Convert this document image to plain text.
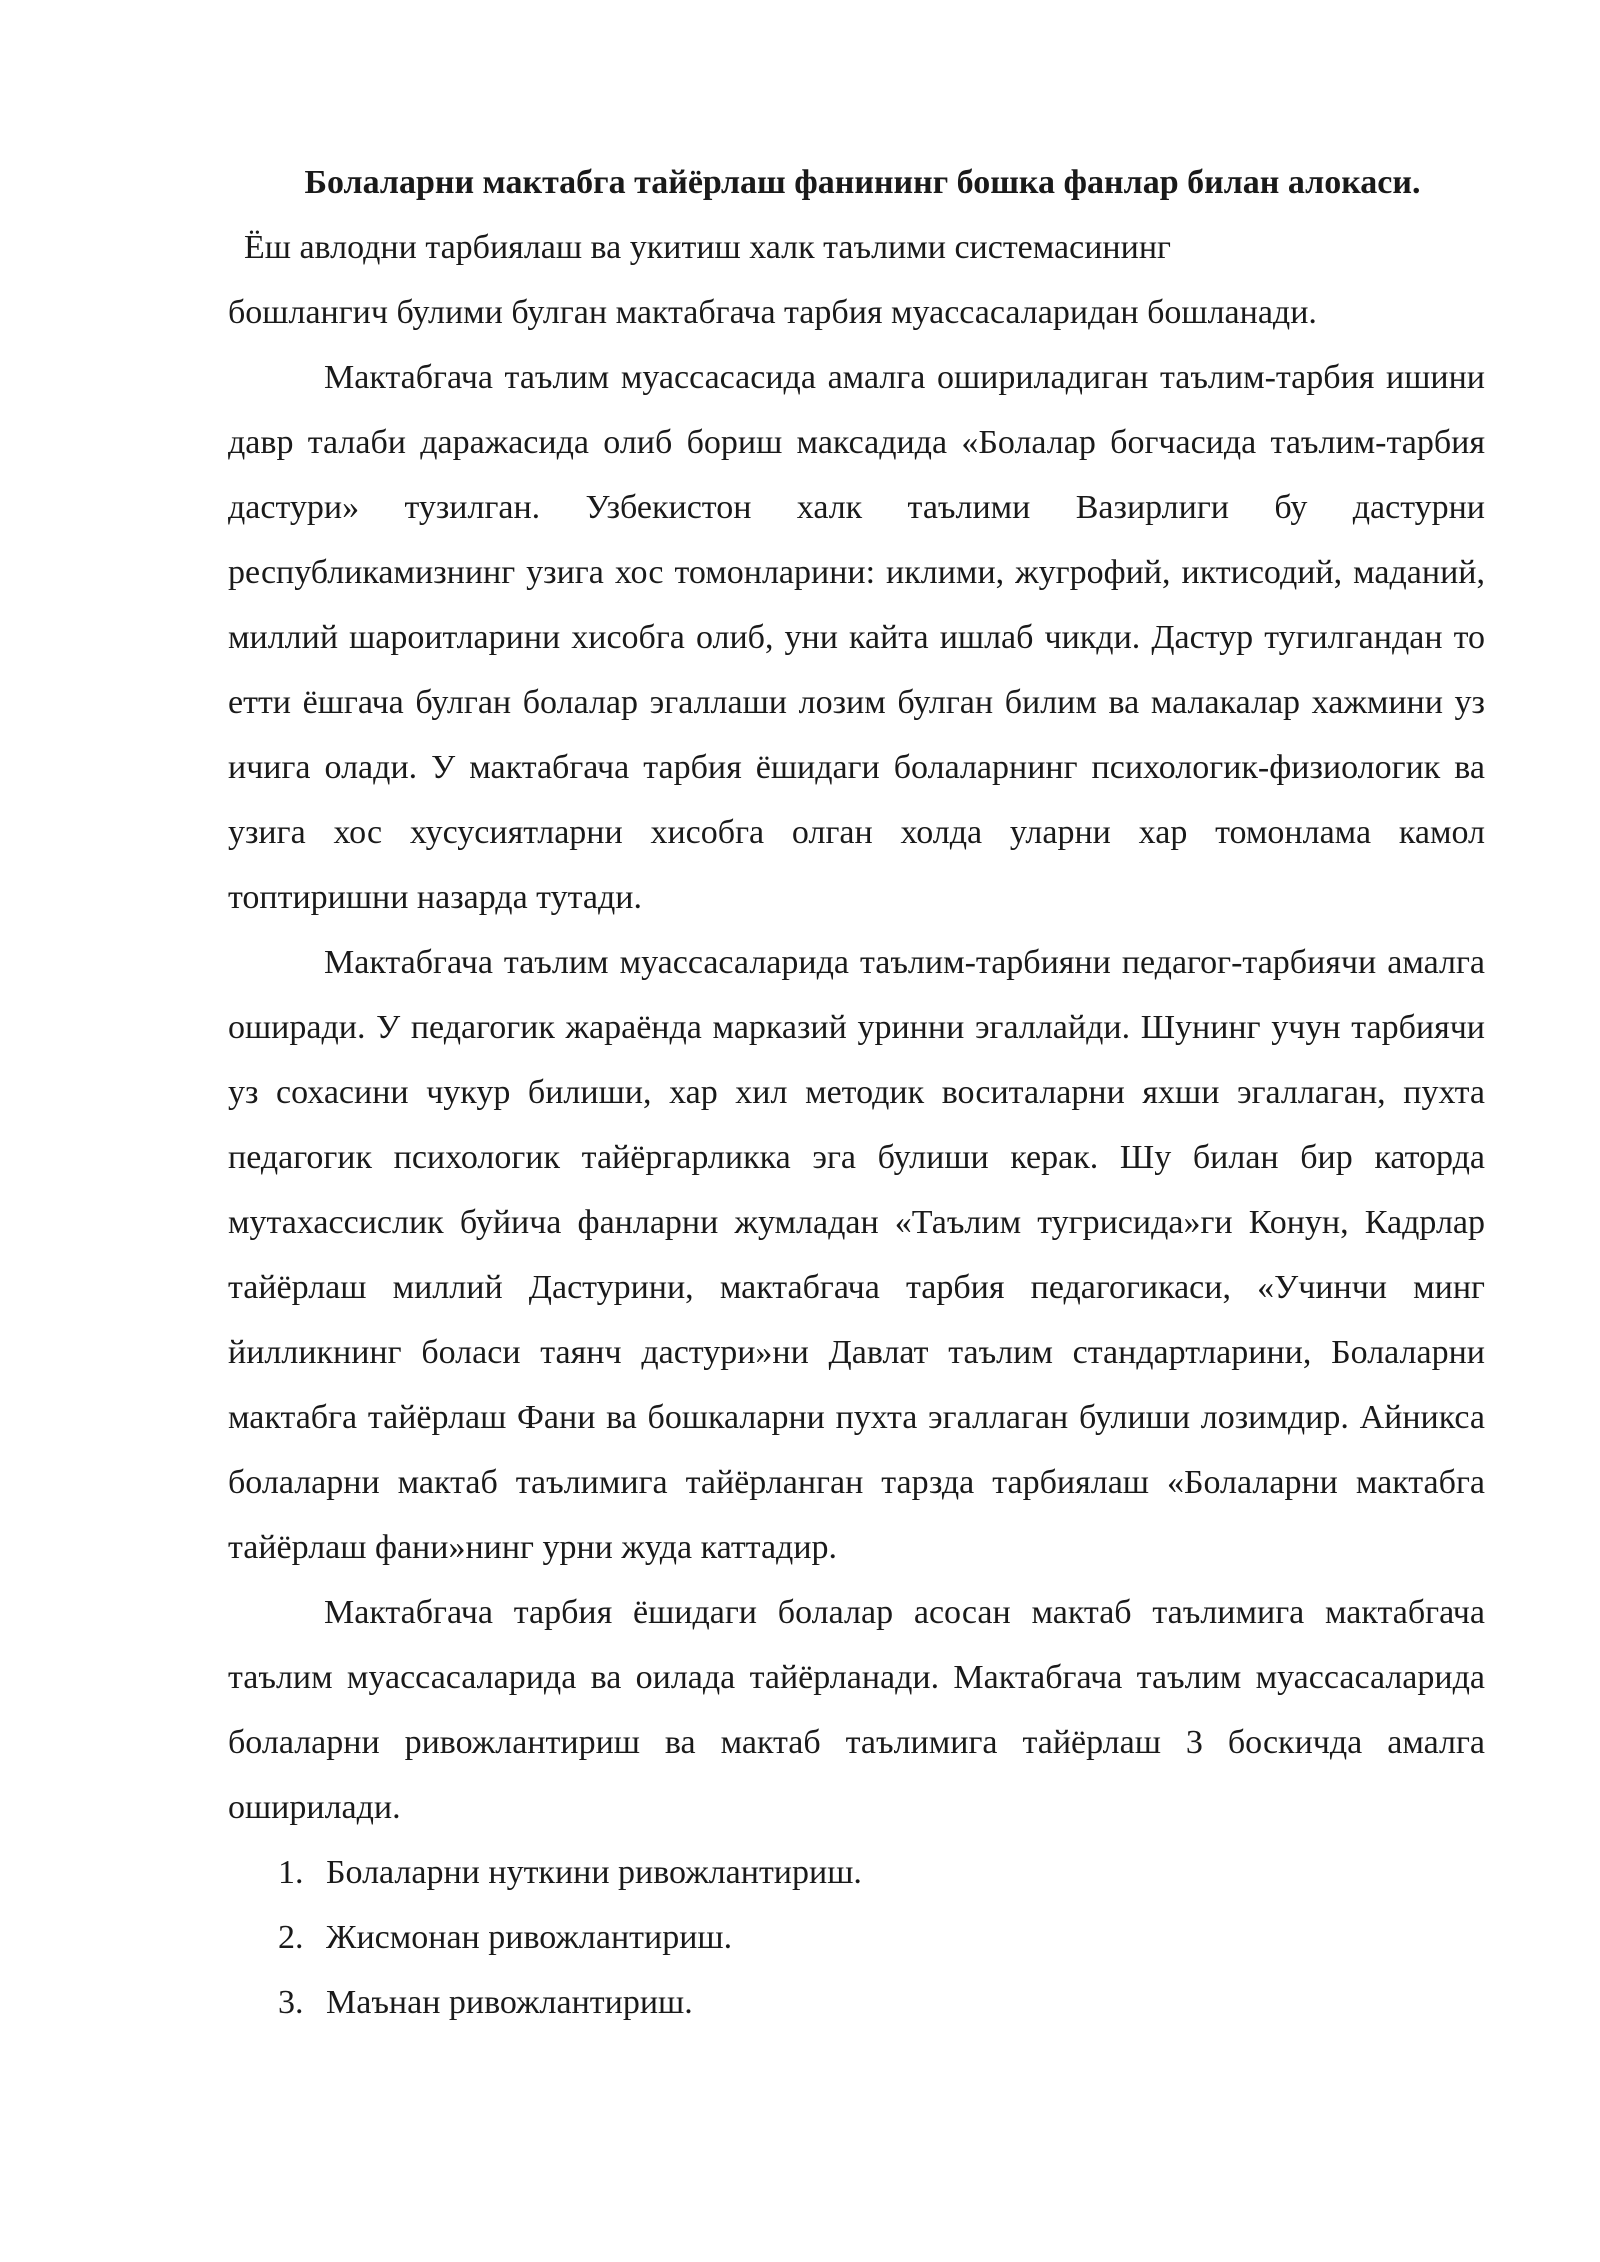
Болаларни мактабга тайёрлаш фанининг бошка фанлар билан алокаси.

Ёш авлодни тарбиялаш ва укитиш халк таълими системасининг

бошлангич булими булган мактабгача тарбия муассасаларидан бошланади.

Мактабгача таълим муассасасида амалга ошириладиган таълим-тарбия ишини давр талаби даражасида олиб бориш максадида «Болалар богчасида таълим-тарбия дастури» тузилган. Узбекистон халк таълими Вазирлиги бу дастурни республикамизнинг узига хос томонларини: иклими, жугрофий, иктисодий, маданий, миллий шароитларини хисобга олиб, уни кайта ишлаб чикди. Дастур тугилгандан то етти ёшгача булган болалар эгаллаши лозим булган билим ва малакалар хажмини уз ичига олади. У мактабгача тарбия ёшидаги болаларнинг психологик-физиологик ва узига хос хусусиятларни хисобга олган холда уларни хар томонлама камол топтиришни назарда тутади.

Мактабгача таълим муассасаларида таълим-тарбияни педагог-тарбиячи амалга оширади. У педагогик жараёнда марказий уринни эгаллайди. Шунинг учун тарбиячи уз сохасини чукур билиши, хар хил методик воситаларни яхши эгаллаган, пухта педагогик психологик тайёргарликка эга булиши керак. Шу билан бир каторда мутахассислик буйича фанларни жумладан «Таълим тугрисида»ги Конун, Кадрлар тайёрлаш миллий Дастурини, мактабгача тарбия педагогикаси, «Учинчи минг йилликнинг боласи таянч дастури»ни Давлат таълим стандартларини, Болаларни мактабга тайёрлаш Фани ва бошкаларни пухта эгаллаган булиши лозимдир. Айникса болаларни мактаб таълимига тайёрланган тарзда тарбиялаш «Болаларни мактабга тайёрлаш фани»нинг урни жуда каттадир.

Мактабгача тарбия ёшидаги болалар асосан мактаб таълимига мактабгача таълим муассасаларида ва оилада тайёрланади. Мактабгача таълим муассасаларида болаларни ривожлантириш ва мактаб таълимига тайёрлаш 3 боскичда амалга оширилади.

1. Болаларни нуткини ривожлантириш.
2. Жисмонан ривожлантириш.
3. Маънан ривожлантириш.
